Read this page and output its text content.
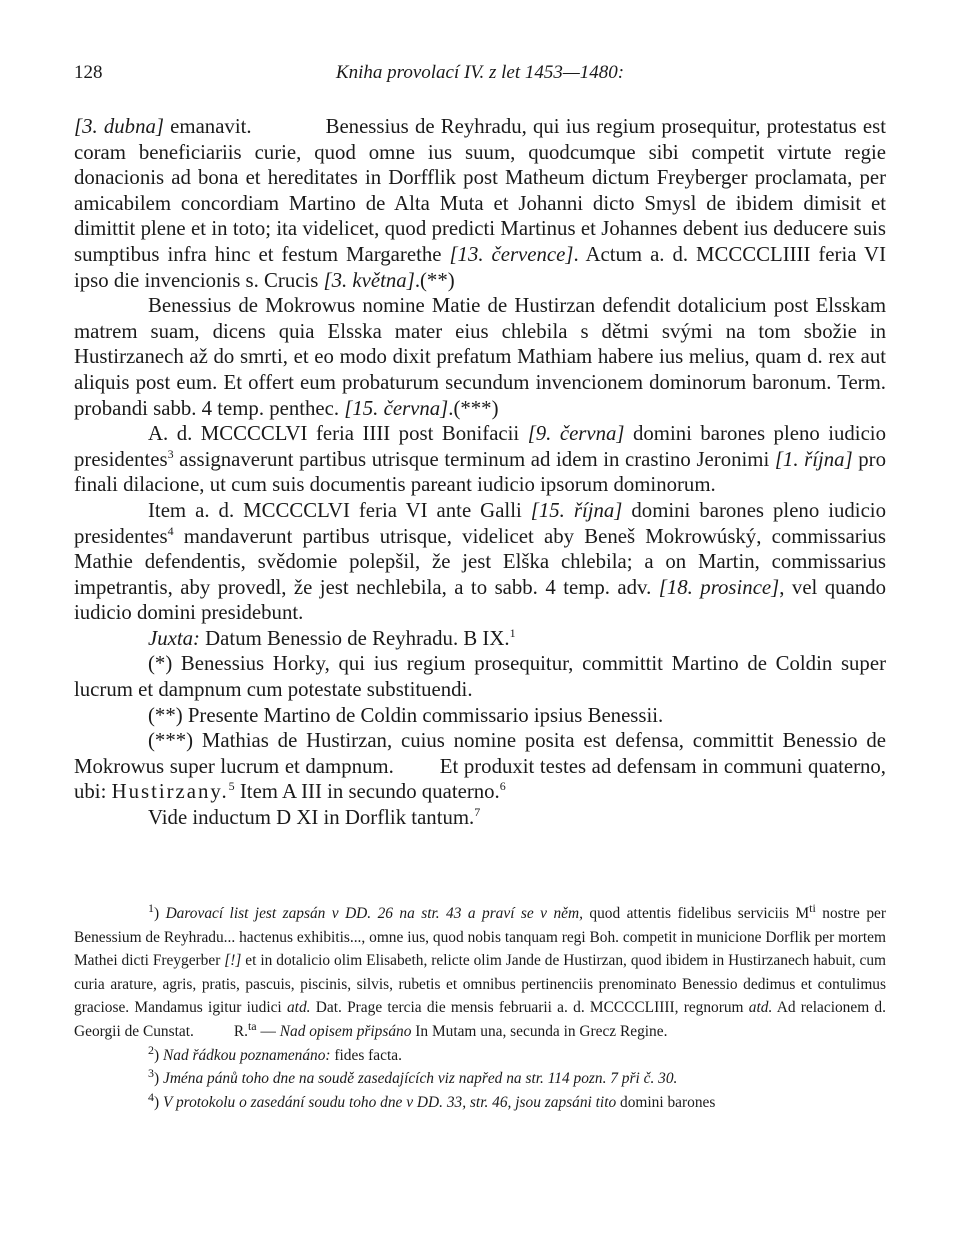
128	Kniha provolací IV. z let 1453—1480:

[3. dubna] emanavit.	Benessius de Reyhradu, qui ius regium prosequitur, protestatus est coram beneficiariis curie, quod omne ius suum, quodcumque sibi competit virtute regie donacionis ad bona et hereditates in Dorfflik post Matheum dictum Freyberger proclamata, per amicabilem concordiam Martino de Alta Muta et Johanni dicto Smysl de ibidem dimisit et dimittit plene et in toto; ita videlicet, quod predicti Martinus et Johannes debent ius deducere suis sumptibus infra hinc et festum Margarethe [13. července]. Actum a. d. MCCCCLIIII feria VI ipso die invencionis s. Crucis [3. května].(**)

Benessius de Mokrowus nomine Matie de Hustirzan defendit dotalicium post Elsskam matrem suam, dicens quia Elsska mater eius chlebila s dětmi svými na tom sbožie in Hustirzanech až do smrti, et eo modo dixit prefatum Mathiam habere ius melius, quam d. rex aut aliquis post eum. Et offert eum probaturum secundum invencionem dominorum baronum. Term. probandi sabb. 4 temp. penthec. [15. června].(***)

A. d. MCCCCLVI feria IIII post Bonifacii [9. června] domini barones pleno iudicio presidentes$^3$ assignaverunt partibus utrisque terminum ad idem in crastino Jeronimi [1. října] pro finali dilacione, ut cum suis documentis pareant iudicio ipsorum dominorum.

Item a. d. MCCCCLVI feria VI ante Galli [15. října] domini barones pleno iudicio presidentes$^4$ mandaverunt partibus utrisque, videlicet aby Beneš Mokrowúský, commissarius Mathie defendentis, svědomie polepšil, že jest Elška chlebila; a on Martin, commissarius impetrantis, aby provedl, že jest nechlebila, a to sabb. 4 temp. adv. [18. prosince], vel quando iudicio domini presidebunt.

Juxta: Datum Benessio de Reyhradu. B IX.$^1$

(*) Benessius Horky, qui ius regium prosequitur, committit Martino de Coldin super lucrum et dampnum cum potestate substituendi.

(**) Presente Martino de Coldin commissario ipsius Benessii.

(***) Mathias de Hustirzan, cuius nomine posita est defensa, committit Benessio de Mokrowus super lucrum et dampnum. Et produxit testes ad defensam in communi quaterno, ubi: Hustirzany.$^5$ Item A III in secundo quaterno.$^6$

Vide inductum D XI in Dorflik tantum.$^7$

$^1$) Darovací list jest zapsán v DD. 26 na str. 43 a praví se v něm, quod attentis fidelibus serviciis $M^{ti}$ nostre per Benessium de Reyhradu... hactenus exhibitis..., omne ius, quod nobis tanquam regi Boh. competit in municione Dorflik per mortem Mathei dicti Freygerber [!] et in dotalicio olim Elisabeth, relicte olim Jande de Hustirzan, quod ibidem in Hustirzanech habuit, cum curia arature, agris, pratis, pascuis, piscinis, silvis, rubetis et omnibus pertinenciis prenominato Benessio dedimus et contulimus graciose. Mandamus igitur iudici atd. Dat. Prage tercia die mensis februarii a. d. MCCCCLIIII, regnorum atd. Ad relacionem d. Georgii de Cunstat.	R.$^{ta}$ — Nad opisem připsáno In Mutam una, secunda in Grecz Regine.

$^2$) Nad řádkou poznamenáno: fides facta.

$^3$) Jména pánů toho dne na soudě zasedajících viz napřed na str. 114 pozn. 7 při č. 30.

$^4$) V protokolu o zasedání soudu toho dne v DD. 33, str. 46, jsou zapsáni tito domini barones
